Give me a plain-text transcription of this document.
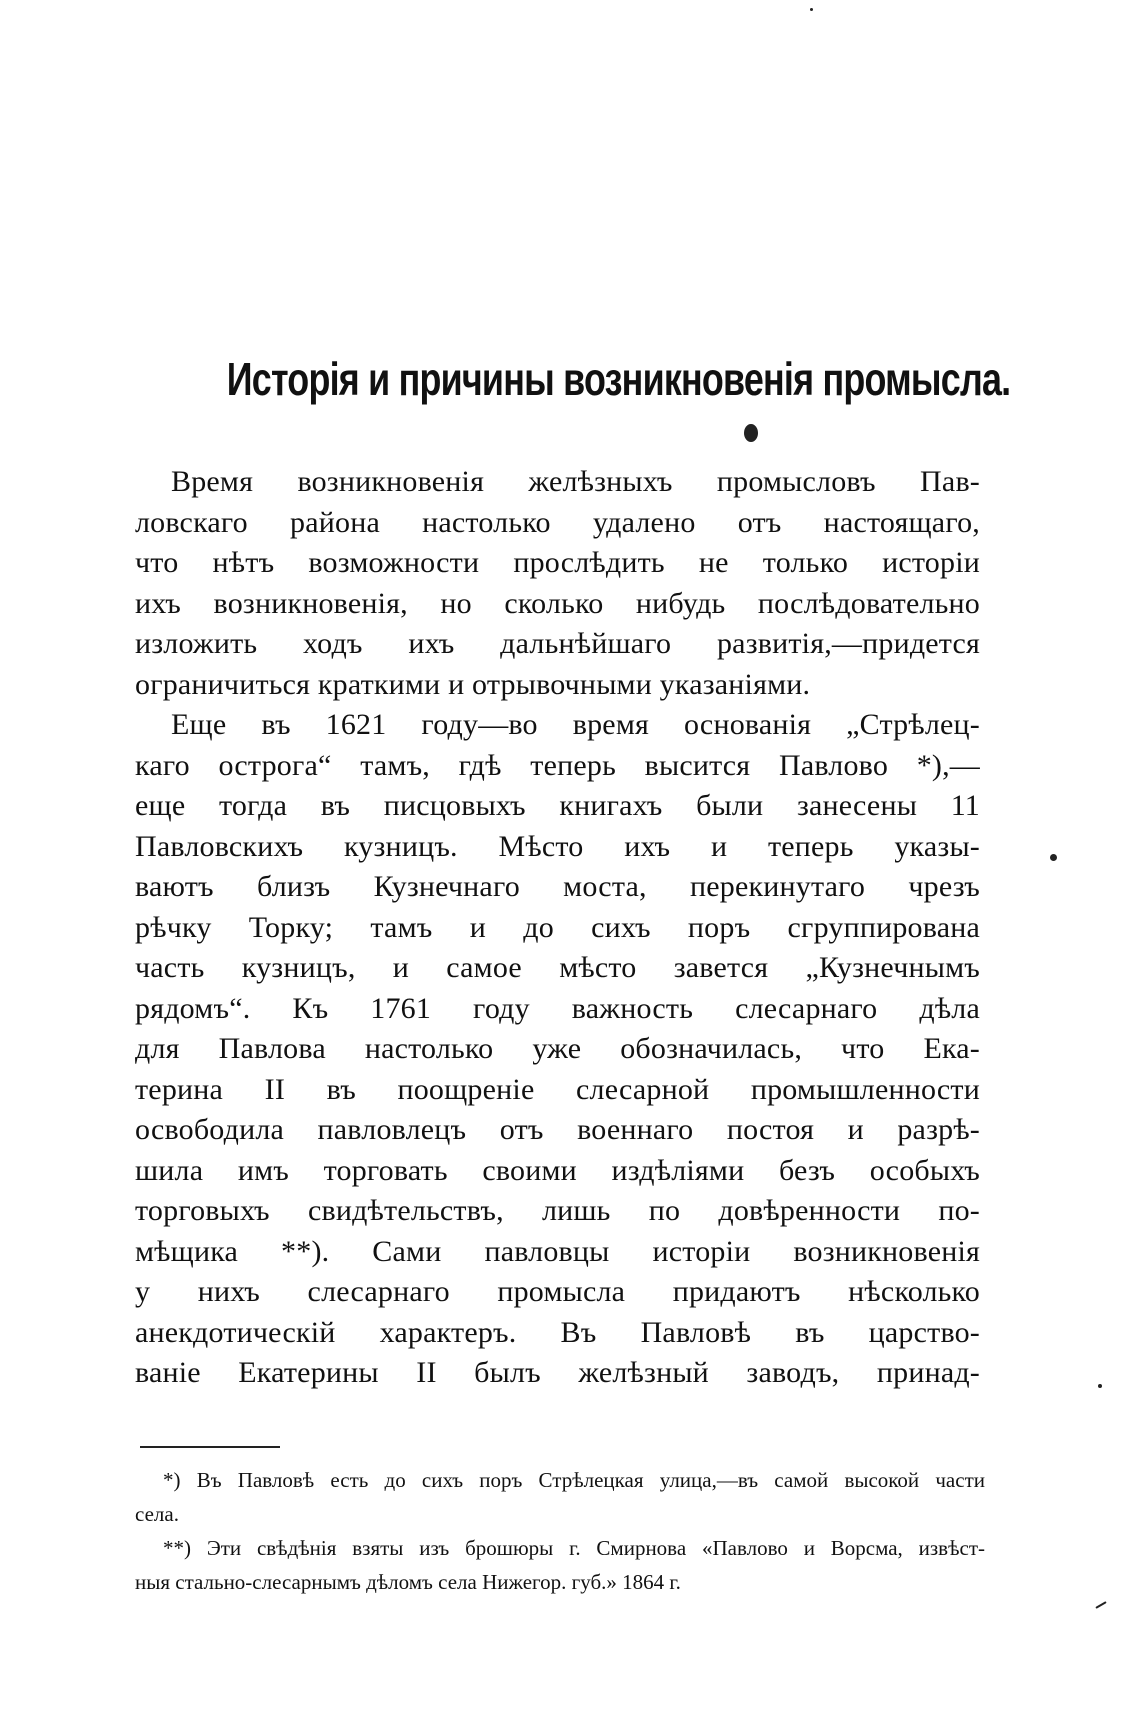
Исторія и причины возникновенія промысла.
Время возникновенія желѣзныхъ промысловъ Пав-
ловскаго района настолько удалено отъ настоящаго,
что нѣтъ возможности прослѣдить не только исторіи
ихъ возникновенія, но сколько нибудь послѣдовательно
изложить ходъ ихъ дальнѣйшаго развитія,—придется
ограничиться краткими и отрывочными указаніями.
Еще въ 1621 году—во время основанія „Стрѣлец-
каго острога“ тамъ, гдѣ теперь высится Павлово *),—
еще тогда въ писцовыхъ книгахъ были занесены 11
Павловскихъ кузницъ. Мѣсто ихъ и теперь указы-
ваютъ близъ Кузнечнаго моста, перекинутаго чрезъ
рѣчку Торку; тамъ и до сихъ поръ сгруппирована
часть кузницъ, и самое мѣсто завется „Кузнечнымъ
рядомъ“. Къ 1761 году важность слесарнаго дѣла
для Павлова настолько уже обозначилась, что Ека-
терина II въ поощреніе слесарной промышленности
освободила павловлецъ отъ военнаго постоя и разрѣ-
шила имъ торговать своими издѣліями безъ особыхъ
торговыхъ свидѣтельствъ, лишь по довѣренности по-
мѣщика **). Сами павловцы исторіи возникновенія
у нихъ слесарнаго промысла придаютъ нѣсколько
анекдотическій характеръ. Въ Павловѣ въ царство-
ваніе Екатерины II былъ желѣзный заводъ, принад-
*) Въ Павловѣ есть до сихъ поръ Стрѣлецкая улица,—въ самой высокой части
села.
**) Эти свѣдѣнія взяты изъ брошюры г. Смирнова «Павлово и Ворсма, извѣст-
ныя стально-слесарнымъ дѣломъ села Нижегор. губ.» 1864 г.
